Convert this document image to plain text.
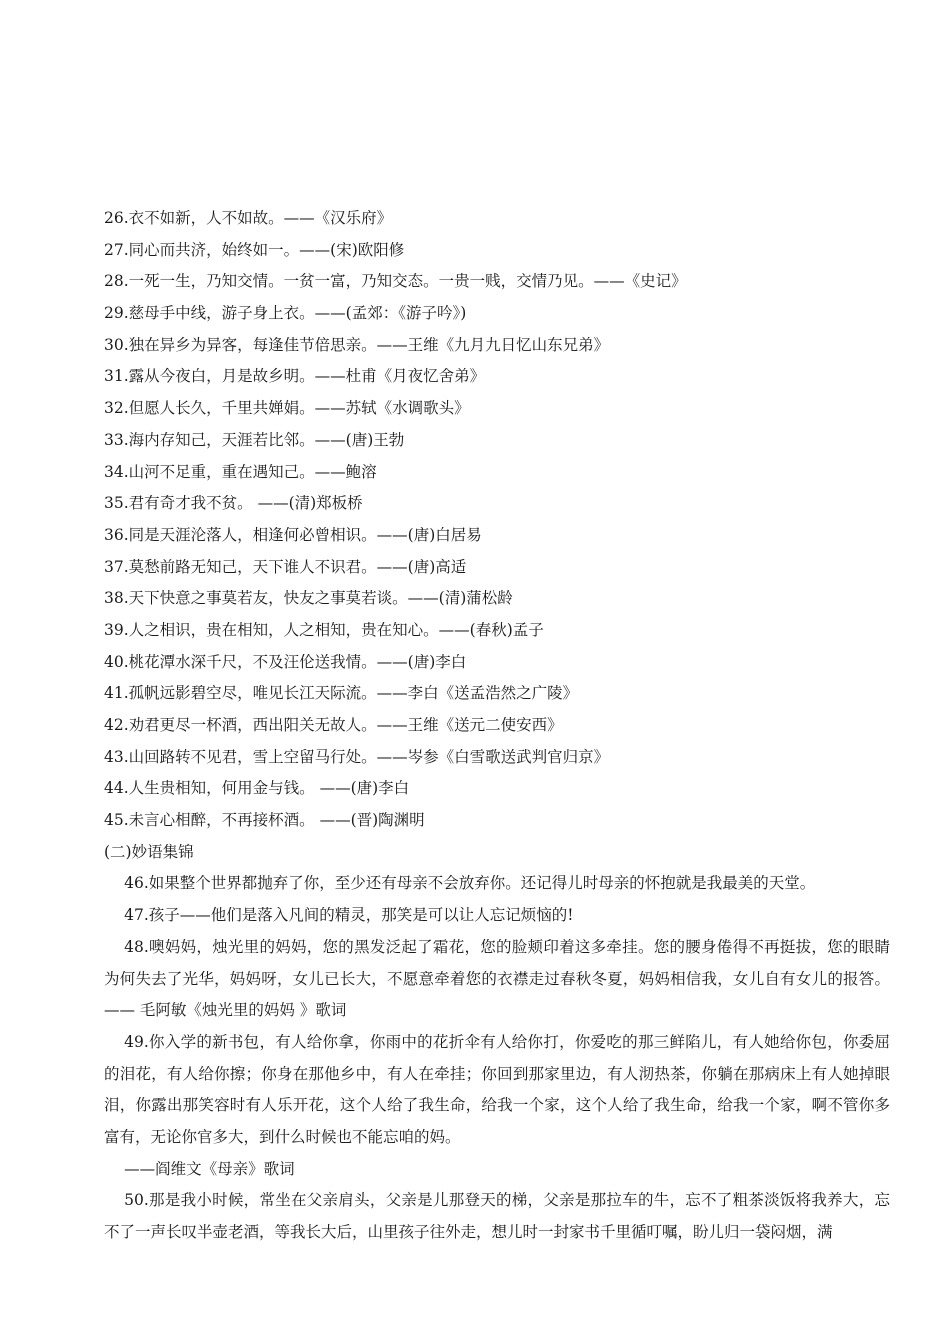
26.衣不如新，人不如故。——《汉乐府》
27.同心而共济，始终如一。——(宋)欧阳修
28.一死一生，乃知交情。一贫一富，乃知交态。一贵一贱，交情乃见。——《史记》
29.慈母手中线，游子身上衣。——(孟郊：《游子吟》)
30.独在异乡为异客，每逢佳节倍思亲。——王维《九月九日忆山东兄弟》
31.露从今夜白，月是故乡明。——杜甫《月夜忆舍弟》
32.但愿人长久，千里共婵娟。——苏轼《水调歌头》
33.海内存知己，天涯若比邻。——(唐)王勃
34.山河不足重，重在遇知己。——鲍溶
35.君有奇才我不贫。 ——(清)郑板桥
36.同是天涯沦落人，相逢何必曾相识。——(唐)白居易
37.莫愁前路无知己，天下谁人不识君。——(唐)高适
38.天下快意之事莫若友，快友之事莫若谈。——(清)蒲松龄
39.人之相识，贵在相知，人之相知，贵在知心。——(春秋)孟子
40.桃花潭水深千尺，不及汪伦送我情。——(唐)李白
41.孤帆远影碧空尽，唯见长江天际流。——李白《送孟浩然之广陵》
42.劝君更尽一杯酒，西出阳关无故人。——王维《送元二使安西》
43.山回路转不见君，雪上空留马行处。——岑参《白雪歌送武判官归京》
44.人生贵相知，何用金与钱。 ——(唐)李白
45.未言心相醉，不再接杯酒。 ——(晋)陶渊明
(二)妙语集锦
46.如果整个世界都抛弃了你，至少还有母亲不会放弃你。还记得儿时母亲的怀抱就是我最美的天堂。
47.孩子——他们是落入凡间的精灵，那笑是可以让人忘记烦恼的!
48.噢妈妈，烛光里的妈妈，您的黑发泛起了霜花，您的脸颊印着这多牵挂。您的腰身倦得不再挺拔，您的眼睛为何失去了光华，妈妈呀，女儿已长大，不愿意牵着您的衣襟走过春秋冬夏，妈妈相信我，女儿自有女儿的报答。 —— 毛阿敏《烛光里的妈妈 》歌词
49.你入学的新书包，有人给你拿，你雨中的花折伞有人给你打，你爱吃的那三鲜陷儿，有人她给你包，你委屈的泪花，有人给你擦；你身在那他乡中，有人在牵挂；你回到那家里边，有人沏热茶，你躺在那病床上有人她掉眼泪，你露出那笑容时有人乐开花，这个人给了我生命，给我一个家，这个人给了我生命，给我一个家，啊不管你多富有，无论你官多大，到什么时候也不能忘咱的妈。
——阎维文《母亲》歌词
50.那是我小时候，常坐在父亲肩头，父亲是儿那登天的梯，父亲是那拉车的牛，忘不了粗茶淡饭将我养大，忘不了一声长叹半壶老酒，等我长大后，山里孩子往外走，想儿时一封家书千里循叮嘱，盼儿归一袋闷烟，满
